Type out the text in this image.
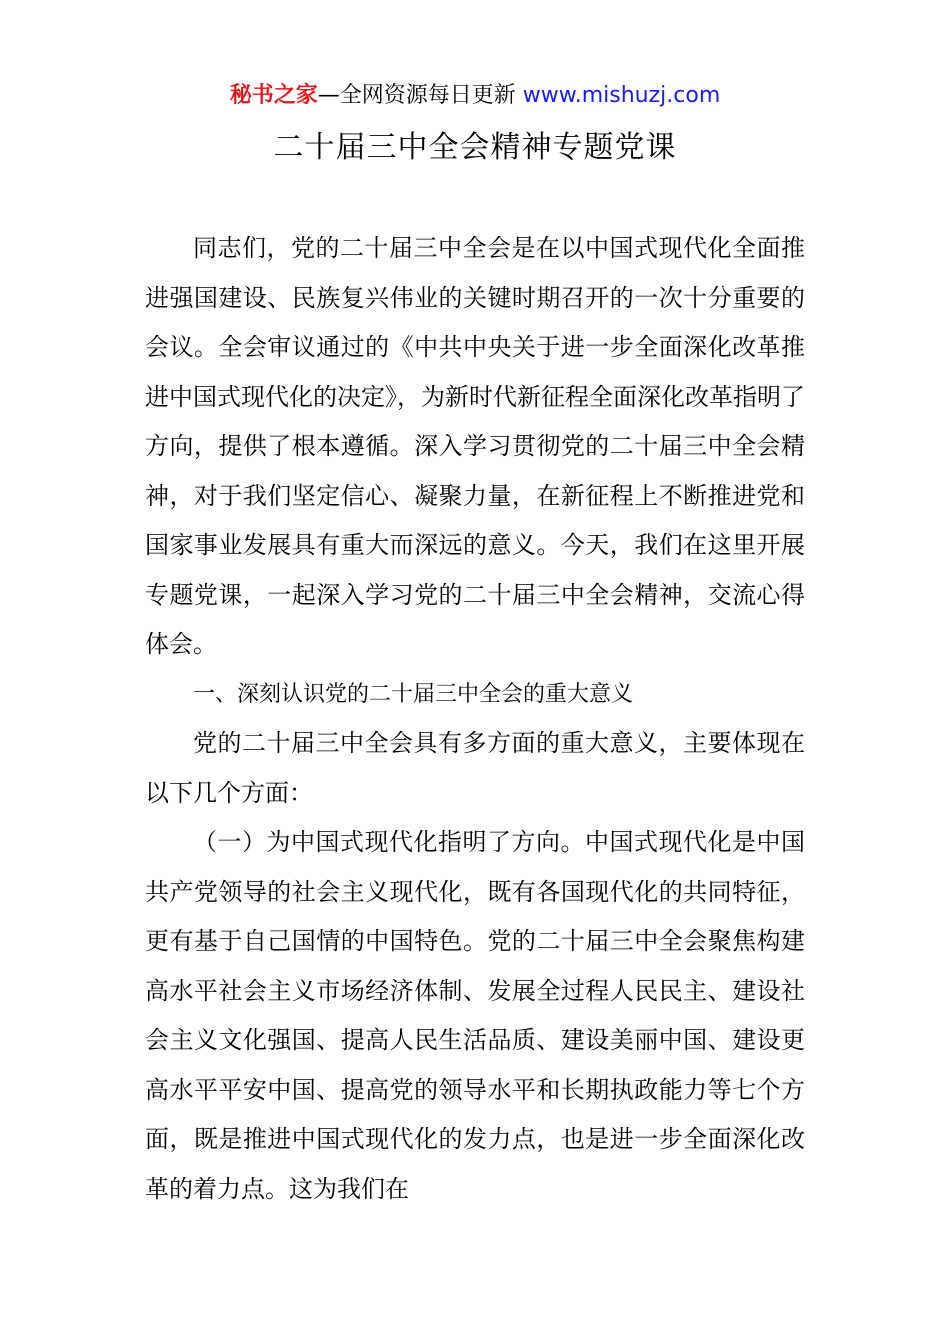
秘书之家—全网资源每日更新 www.mishuzj.com
二十届三中全会精神专题党课

同志们，党的二十届三中全会是在以中国式现代化全面推进强国建设、民族复兴伟业的关键时期召开的一次十分重要的会议。全会审议通过的《中共中央关于进一步全面深化改革推进中国式现代化的决定》，为新时代新征程全面深化改革指明了方向，提供了根本遵循。深入学习贯彻党的二十届三中全会精神，对于我们坚定信心、凝聚力量，在新征程上不断推进党和国家事业发展具有重大而深远的意义。今天，我们在这里开展专题党课，一起深入学习党的二十届三中全会精神，交流心得体会。

一、深刻认识党的二十届三中全会的重大意义

党的二十届三中全会具有多方面的重大意义，主要体现在以下几个方面：

（一）为中国式现代化指明了方向。中国式现代化是中国共产党领导的社会主义现代化，既有各国现代化的共同特征，更有基于自己国情的中国特色。党的二十届三中全会聚焦构建高水平社会主义市场经济体制、发展全过程人民民主、建设社会主义文化强国、提高人民生活品质、建设美丽中国、建设更高水平平安中国、提高党的领导水平和长期执政能力等七个方面，既是推进中国式现代化的发力点，也是进一步全面深化改革的着力点。这为我们在
